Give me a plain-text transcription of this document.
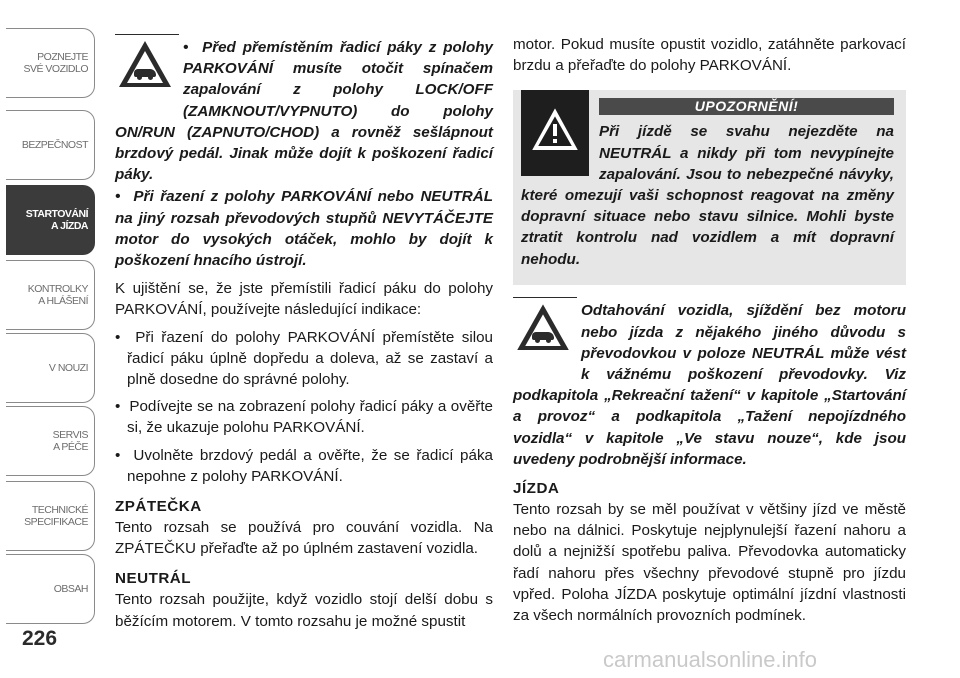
POZNEJTE
SVÉ VOZIDLO
BEZPEČNOST
STARTOVÁNÍ
A JÍZDA
KONTROLKY
A HLÁŠENÍ
V NOUZI
SERVIS
A PÉČE
TECHNICKÉ
SPECIFIKACE
OBSAH
226

•  Před přemístěním řadicí páky z polohy PARKOVÁNÍ musíte otočit spínačem zapalování z polohy LOCK/OFF (ZAMKNOUT/VYPNUTO) do polohy ON/RUN (ZAPNUTO/CHOD) a rovněž sešlápnout brzdový pedál. Jinak může dojít k poškození řadicí páky.

•  Při řazení z polohy PARKOVÁNÍ nebo NEUTRÁL na jiný rozsah převodových stupňů NEVYTÁČEJTE motor do vysokých otáček, mohlo by dojít k poškození hnacího ústrojí.

K ujištění se, že jste přemístili řadicí páku do polohy PARKOVÁNÍ, používejte následující indikace:

•  Při řazení do polohy PARKOVÁNÍ přemístěte silou řadicí páku úplně dopředu a doleva, až se zastaví a plně dosedne do správné polohy.

•  Podívejte se na zobrazení polohy řadicí páky a ověřte si, že ukazuje polohu PARKOVÁNÍ.

•  Uvolněte brzdový pedál a ověřte, že se řadicí páka nepohne z polohy PARKOVÁNÍ.

ZPÁTEČKA

Tento rozsah se používá pro couvání vozidla. Na ZPÁTEČKU přeřaďte až po úplném zastavení vozidla.

NEUTRÁL

Tento rozsah použijte, když vozidlo stojí delší dobu s běžícím motorem. V tomto rozsahu je možné spustit

motor. Pokud musíte opustit vozidlo, zatáhněte parkovací brzdu a přeřaďte do polohy PARKOVÁNÍ.

UPOZORNĚNÍ!

Při jízdě se svahu nejezděte na NEUTRÁL a nikdy při tom nevypínejte zapalování. Jsou to nebezpečné návyky, které omezují vaši schopnost reagovat na změny dopravní situace nebo stavu silnice. Mohli byste ztratit kontrolu nad vozidlem a mít dopravní nehodu.

Odtahování vozidla, sjíždění bez motoru nebo jízda z nějakého jiného důvodu s převodovkou v poloze NEUTRÁL může vést k vážnému poškození převodovky. Viz podkapitola „Rekreační tažení“ v kapitole „Startování a provoz“ a podkapitola „Tažení nepojízdného vozidla“ v kapitole „Ve stavu nouze“, kde jsou uvedeny podrobnější informace.

JÍZDA

Tento rozsah by se měl používat v většiny jízd ve městě nebo na dálnici. Poskytuje nejplynulejší řazení nahoru a dolů a nejnižší spotřebu paliva. Převodovka automaticky řadí nahoru přes všechny převodové stupně pro jízdu vpřed. Poloha JÍZDA poskytuje optimální jízdní vlastnosti za všech normálních provozních podmínek.

carmanualsonline.info
